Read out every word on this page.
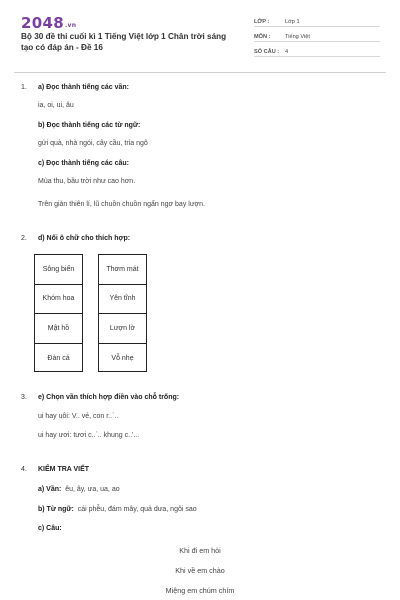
2048.vn
Bộ 30 đề thi cuối kì 1 Tiếng Việt lớp 1 Chân trời sáng tạo có đáp án - Đề 16
LỚP :	Lớp 1
MÔN :	Tiếng Việt
SỐ CÂU :	4
1. a) Đọc thành tiếng các vần:
ia, oi, ui, âu
b) Đọc thành tiếng các từ ngữ:
gửi quà, nhà ngói, cây cầu, trỉa ngô
c) Đọc thành tiếng các câu:
Mùa thu, bầu trời như cao hơn.
Trên giàn thiên lí, lũ chuồn chuồn ngẩn ngơ bay lượn.
2. d) Nối ô chữ cho thích hợp:
Sông biển
Khóm hoa
Mật hồ
Đàn cá
Thơm mát
Yên tĩnh
Lượn lờ
Vỗ nhẹ
3. e) Chọn vần thích hợp điền vào chỗ trống:
ui hay uôi: V.. vẻ, con r..`..
ui hay ươi: tươi c..`.. khung c..'...
4. KIỂM TRA VIẾT
a) Vần: êu, ây, ưa, ua, ao
b) Từ ngữ: cái phễu, đám mây, quả dưa, ngôi sao
c) Câu:
Khi đi em hỏi
Khi về em chào
Miệng em chúm chím
